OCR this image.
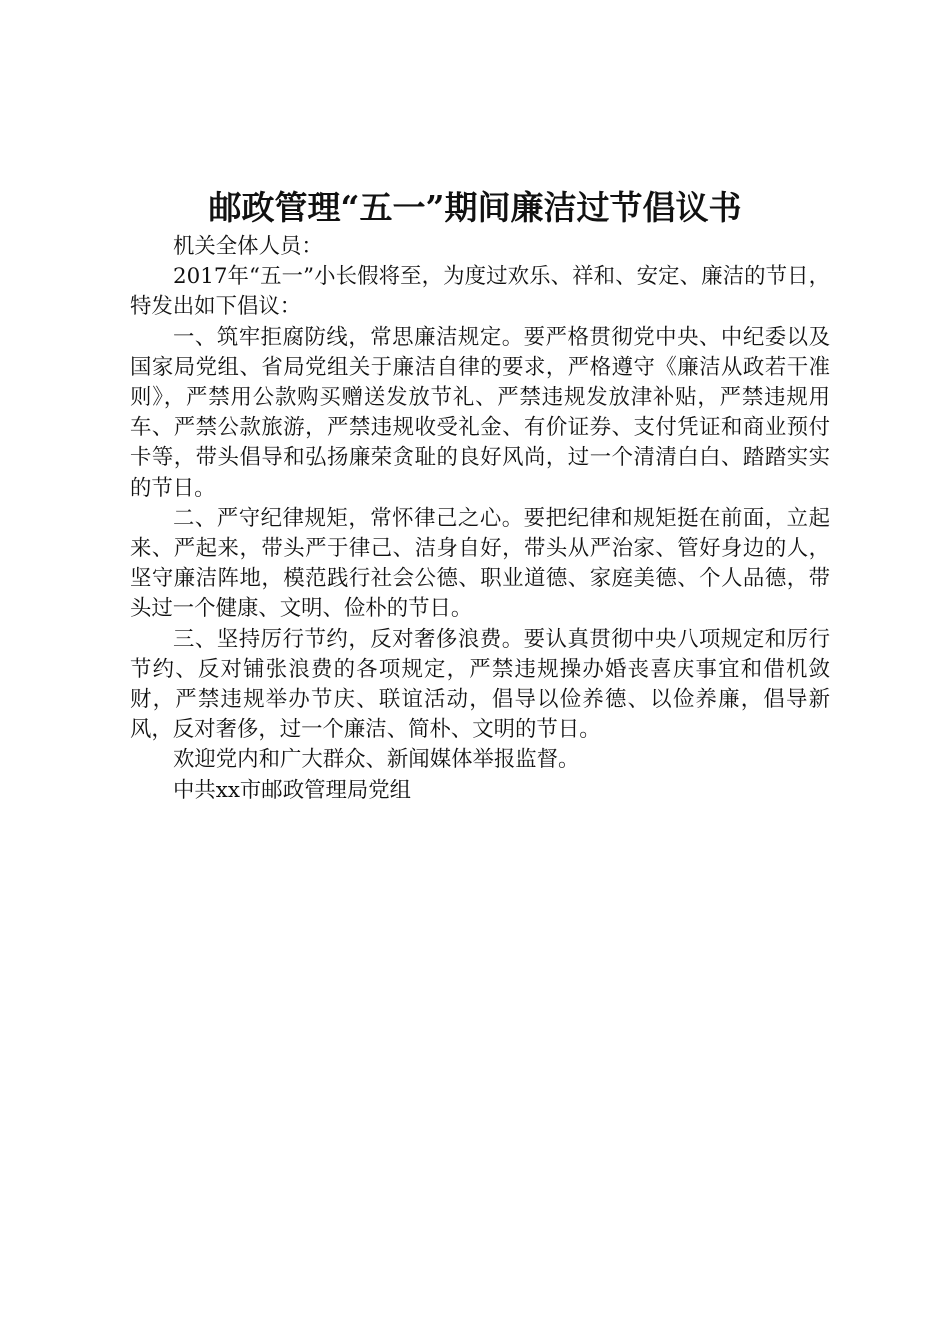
邮政管理“五一”期间廉洁过节倡议书

机关全体人员：

2017年“五一”小长假将至，为度过欢乐、祥和、安定、廉洁的节日，特发出如下倡议：

一、筑牢拒腐防线，常思廉洁规定。要严格贯彻党中央、中纪委以及国家局党组、省局党组关于廉洁自律的要求，严格遵守《廉洁从政若干准则》，严禁用公款购买赠送发放节礼、严禁违规发放津补贴，严禁违规用车、严禁公款旅游，严禁违规收受礼金、有价证券、支付凭证和商业预付卡等，带头倡导和弘扬廉荣贪耻的良好风尚，过一个清清白白、踏踏实实的节日。

二、严守纪律规矩，常怀律己之心。要把纪律和规矩挺在前面，立起来、严起来，带头严于律己、洁身自好，带头从严治家、管好身边的人，坚守廉洁阵地，模范践行社会公德、职业道德、家庭美德、个人品德，带头过一个健康、文明、俭朴的节日。

三、坚持厉行节约，反对奢侈浪费。要认真贯彻中央八项规定和厉行节约、反对铺张浪费的各项规定，严禁违规操办婚丧喜庆事宜和借机敛财，严禁违规举办节庆、联谊活动，倡导以俭养德、以俭养廉，倡导新风，反对奢侈，过一个廉洁、简朴、文明的节日。

欢迎党内和广大群众、新闻媒体举报监督。

中共xx市邮政管理局党组
